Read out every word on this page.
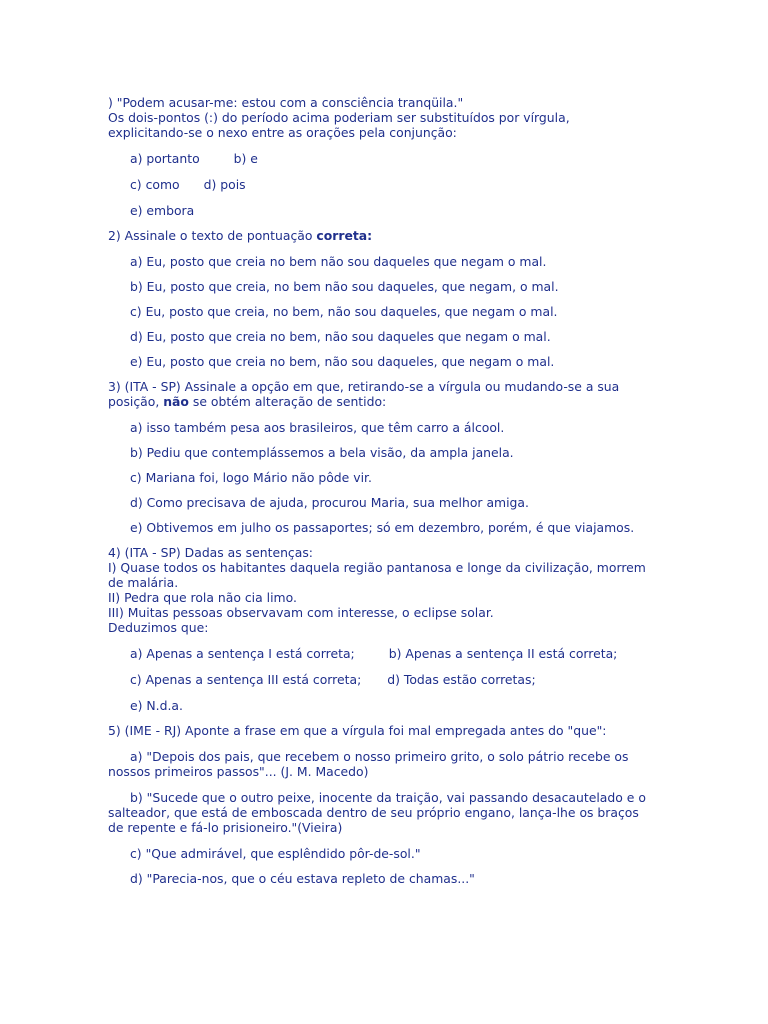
) "Podem acusar-me: estou com a consciência tranqüila."

Os dois-pontos (:) do período acima poderiam ser substituídos por vírgula,

explicitando-se o nexo entre as orações pela conjunção:

a) portanto	b) e
c) como d) pois
e) embora

2) Assinale o texto de pontuação correta:

a) Eu, posto que creia no bem não sou daqueles que negam o mal.
b) Eu, posto que creia, no bem não sou daqueles, que negam, o mal.
c) Eu, posto que creia, no bem, não sou daqueles, que negam o mal.
d) Eu, posto que creia no bem, não sou daqueles que negam o mal.
e) Eu, posto que creia no bem, não sou daqueles, que negam o mal.

3) (ITA - SP) Assinale a opção em que, retirando-se a vírgula ou mudando-se a sua

posição, não se obtém alteração de sentido:

a) isso também pesa aos brasileiros, que têm carro a álcool.
b) Pediu que contemplássemos a bela visão, da ampla janela.
c) Mariana foi, logo Mário não pôde vir.
d) Como precisava de ajuda, procurou Maria, sua melhor amiga.
e) Obtivemos em julho os passaportes; só em dezembro, porém, é que viajamos.

4) (ITA - SP) Dadas as sentenças:

I) Quase todos os habitantes daquela região pantanosa e longe da civilização, morrem

de malária.

II) Pedra que rola não cia limo.

III) Muitas pessoas observavam com interesse, o eclipse solar.

Deduzimos que:

a) Apenas a sentença I está correta;	b) Apenas a sentença II está correta;
c) Apenas a sentença III está correta; d) Todas estão corretas;
e) N.d.a.

5) (IME - RJ) Aponte a frase em que a vírgula foi mal empregada antes do "que":

a) "Depois dos pais, que recebem o nosso primeiro grito, o solo pátrio recebe os

nossos primeiros passos"... (J. M. Macedo)

b) "Sucede que o outro peixe, inocente da traição, vai passando desacautelado e o

salteador, que está de emboscada dentro de seu próprio engano, lança-lhe os braços

de repente e fá-lo prisioneiro."(Vieira)

c) "Que admirável, que esplêndido pôr-de-sol."
d) "Parecia-nos, que o céu estava repleto de chamas..."
